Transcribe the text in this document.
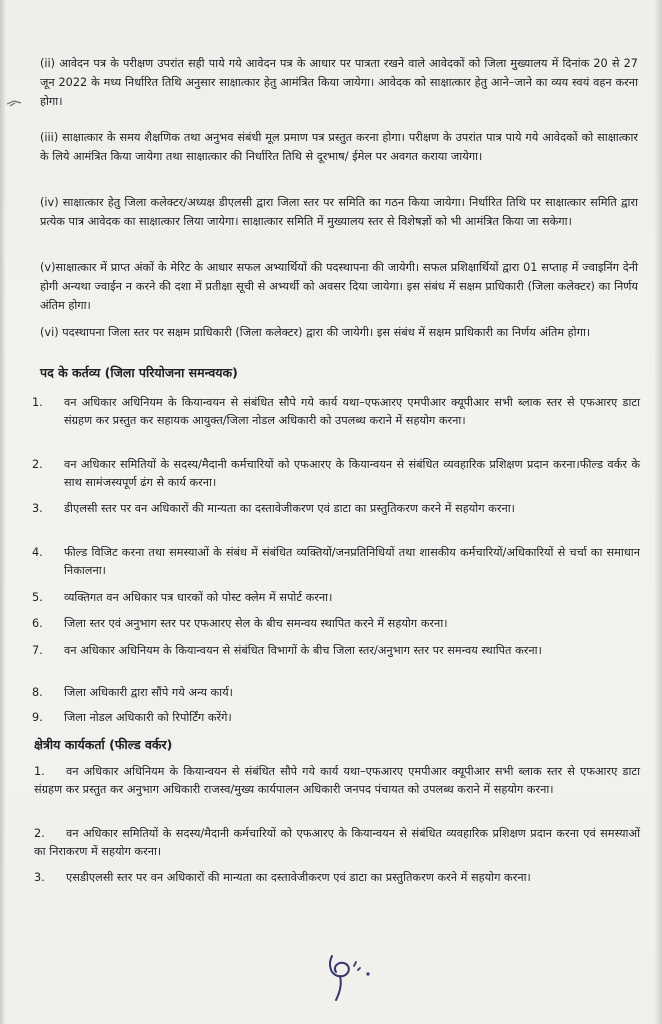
(ii) आवेदन पत्र के परीक्षण उपरांत सही पाये गये आवेदन पत्र के आधार पर पात्रता रखने वाले आवेदकों को जिला मुख्यालय में दिनांक 20 से 27 जून 2022 के मध्य निर्धारित तिथि अनुसार साक्षात्कार हेतु आमंत्रित किया जायेगा। आवेदक को साक्षात्कार हेतु आने–जाने का व्यय स्वयं वहन करना होगा।
(iii) साक्षात्कार के समय शैक्षणिक तथा अनुभव संबंधी मूल प्रमाण पत्र प्रस्तुत करना होगा। परीक्षण के उपरांत पात्र पाये गये आवेदकों को साक्षात्कार के लिये आमंत्रित किया जायेगा तथा साक्षात्कार की निर्धारित तिथि से दूरभाष/ ईमेल पर अवगत कराया जायेगा।
(iv) साक्षात्कार हेतु जिला कलेक्टर/अध्यक्ष डीएलसी द्वारा जिला स्तर पर समिति का गठन किया जायेगा। निर्धारित तिथि पर साक्षात्कार समिति द्वारा प्रत्येक पात्र आवेदक का साक्षात्कार लिया जायेगा। साक्षात्कार समिति में मुख्यालय स्तर से विशेषज्ञों को भी आमंत्रित किया जा सकेगा।
(v)साक्षात्कार में प्राप्त अंकों के मेरिट के आधार सफल अभ्यार्थियों की पदस्थापना की जायेगी। सफल प्रशिक्षार्थियों द्वारा 01 सप्ताह में ज्वाइनिंग देनी होगी अन्यथा ज्वाईन न करने की दशा में प्रतीक्षा सूची से अभ्यर्थी को अवसर दिया जायेगा। इस संबंध में सक्षम प्राधिकारी (जिला कलेक्टर) का निर्णय अंतिम होगा।
(vi) पदस्थापना जिला स्तर पर सक्षम प्राधिकारी (जिला कलेक्टर) द्वारा की जायेगी। इस संबंध में सक्षम प्राधिकारी का निर्णय अंतिम होगा।
पद के कर्तव्य (जिला परियोजना समन्वयक)
1.	वन अधिकार अधिनियम के कियान्वयन से संबंधित सौपे गये कार्य यथा–एफआरए एमपीआर क्यूपीआर सभी ब्लाक स्तर से एफआरए डाटा संग्रहण कर प्रस्तुत कर सहायक आयुक्त/जिला नोडल अधिकारी को उपलब्ध कराने में सहयोग करना।
2.	वन अधिकार समितियों के सदस्य/मैदानी कर्मचारियों को एफआरए के कियान्वयन से संबंधित व्यवहारिक प्रशिक्षण प्रदान करना।फील्ड वर्कर के साथ सामंजस्यपूर्ण ढंग से कार्य करना।
3.	डीएलसी स्तर पर वन अधिकारों की मान्यता का दस्तावेजीकरण एवं डाटा का प्रस्तुतिकरण करने में सहयोग करना।
4.	फील्ड विजिट करना तथा समस्याओं के संबंध में संबंधित व्यक्तियों/जनप्रतिनिधियों तथा शासकीय कर्मचारियों/अधिकारियों से चर्चा का समाधान निकालना।
5.	व्यक्तिगत वन अधिकार पत्र धारकों को पोस्ट क्लेम में सपोर्ट करना।
6.	जिला स्तर एवं अनुभाग स्तर पर एफआरए सेल के बीच समन्वय स्थापित करने में सहयोग करना।
7.	वन अधिकार अधिनियम के कियान्वयन से संबंधित विभागों के बीच जिला स्तर/अनुभाग स्तर पर समन्वय स्थापित करना।
8.	जिला अधिकारी द्वारा सौंपे गये अन्य कार्य।
9.	जिला नोडल अधिकारी को रिपोर्टिंग करेंगे।
क्षेत्रीय कार्यकर्ता (फील्ड वर्कर)
1. वन अधिकार अधिनियम के कियान्वयन से संबंधित सौपे गये कार्य यथा–एफआरए एमपीआर क्यूपीआर सभी ब्लाक स्तर से एफआरए डाटा संग्रहण कर प्रस्तुत कर अनुभाग अधिकारी राजस्व/मुख्य कार्यपालन अधिकारी जनपद पंचायत को उपलब्ध कराने में सहयोग करना।
2. वन अधिकार समितियों के सदस्य/मैदानी कर्मचारियों को एफआरए के कियान्वयन से संबंधित व्यवहारिक प्रशिक्षण प्रदान करना एवं समस्याओं का निराकरण में सहयोग करना।
3. एसडीएलसी स्तर पर वन अधिकारों की मान्यता का दस्तावेजीकरण एवं डाटा का प्रस्तुतिकरण करने में सहयोग करना।
